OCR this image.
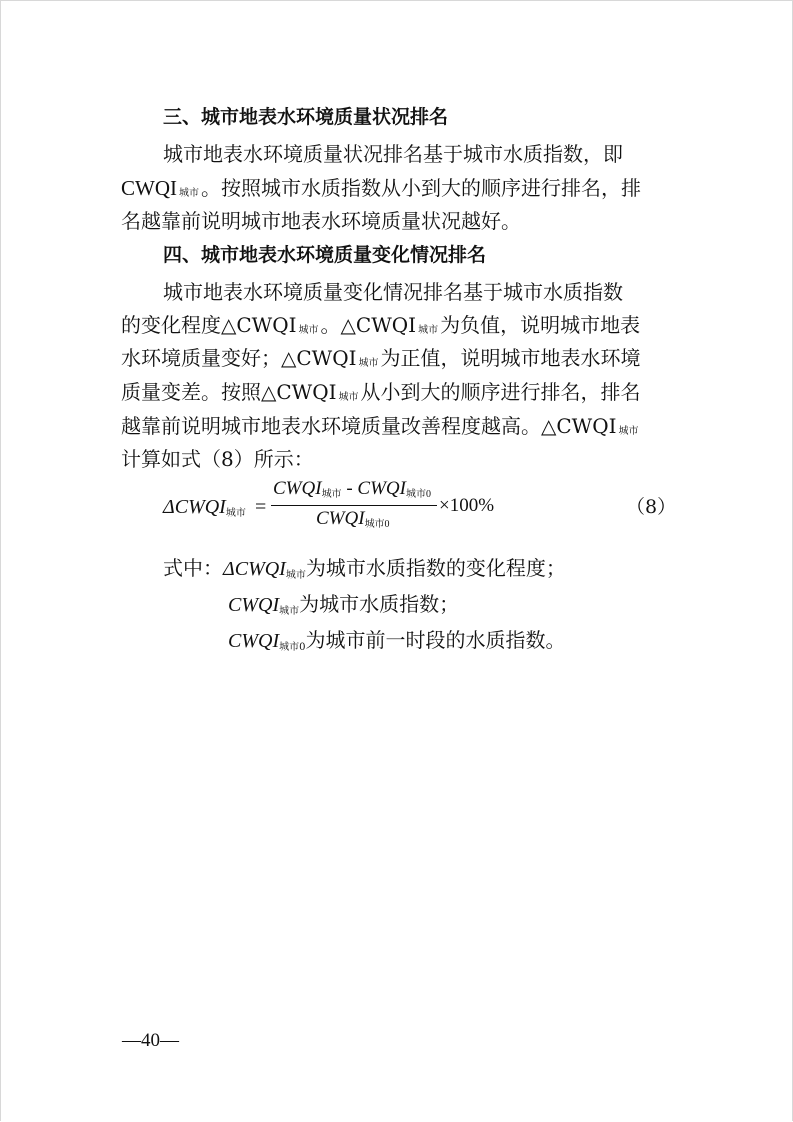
三、城市地表水环境质量状况排名
城市地表水环境质量状况排名基于城市水质指数，即
CWQI 城市 。按照城市水质指数从小到大的顺序进行排名，排
名越靠前说明城市地表水环境质量状况越好。
四、城市地表水环境质量变化情况排名
城市地表水环境质量变化情况排名基于城市水质指数
的变化程度△CWQI 城市 。△CWQI 城市 为负值，说明城市地表
水环境质量变好；△CWQI 城市 为正值，说明城市地表水环境
质量变差。按照△CWQI 城市 从小到大的顺序进行排名，排名
越靠前说明城市地表水环境质量改善程度越高。△CWQI 城市
计算如式（8）所示：
ΔCWQI城市 =
CWQI城市 - CWQI城市0
CWQI城市0
×100%	（8）
式中：ΔCWQI城市为城市水质指数的变化程度；
CWQI城市为城市水质指数；
CWQI城市0为城市前一时段的水质指数。
—40—
